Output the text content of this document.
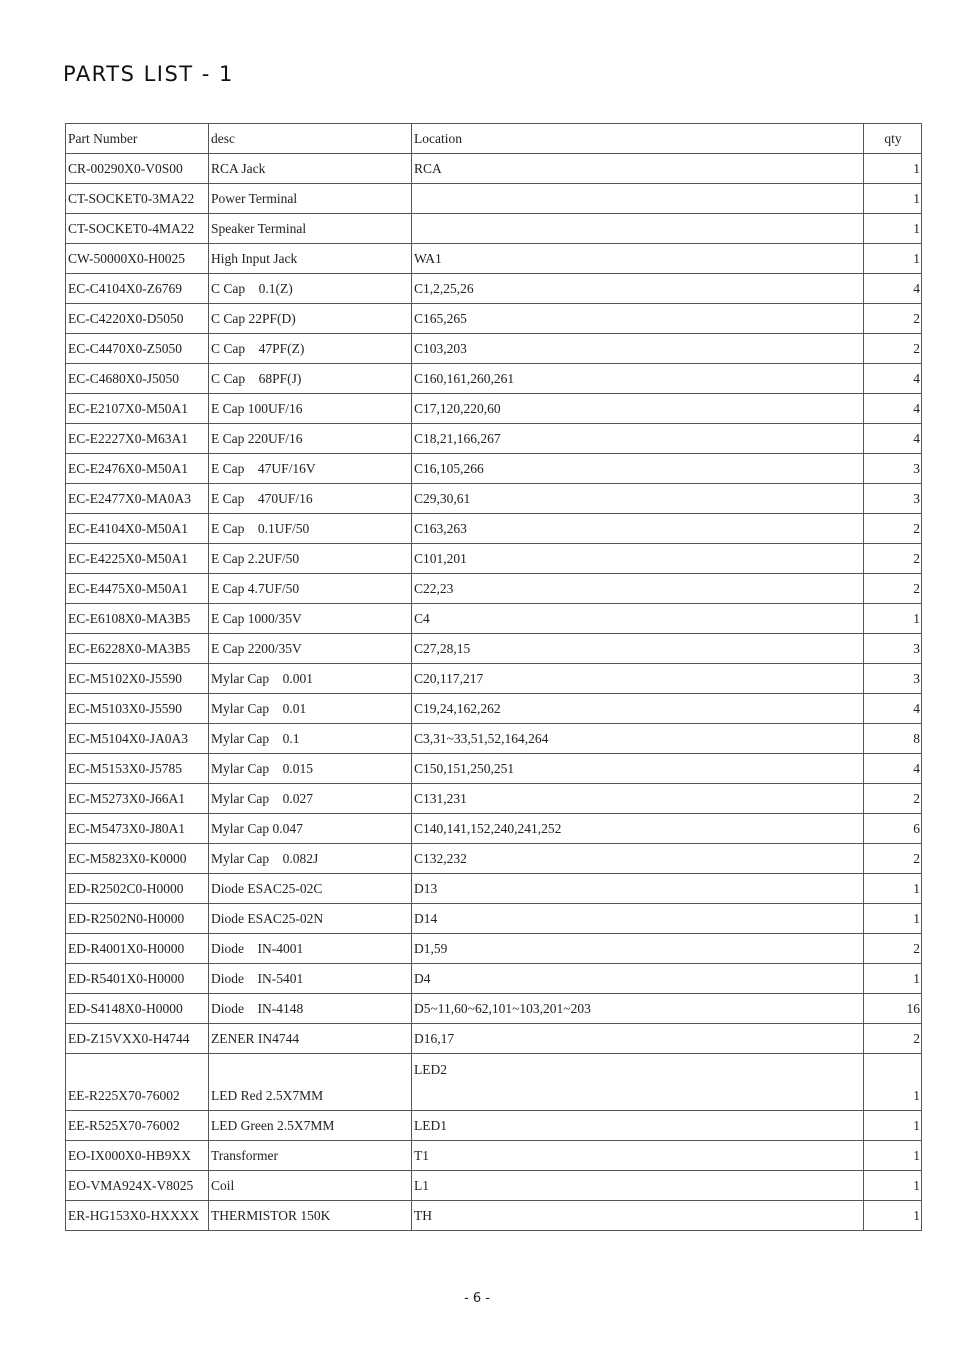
PARTS LIST - 1
Part Number	desc	Location	qty
CR-00290X0-V0S00	RCA Jack	RCA	1
CT-SOCKET0-3MA22	Power Terminal		1
CT-SOCKET0-4MA22	Speaker Terminal		1
CW-50000X0-H0025	High Input Jack	WA1	1
EC-C4104X0-Z6769	C Cap    0.1(Z)	C1,2,25,26	4
EC-C4220X0-D5050	C Cap 22PF(D)	C165,265	2
EC-C4470X0-Z5050	C Cap    47PF(Z)	C103,203	2
EC-C4680X0-J5050	C Cap    68PF(J)	C160,161,260,261	4
EC-E2107X0-M50A1	E Cap 100UF/16	C17,120,220,60	4
EC-E2227X0-M63A1	E Cap 220UF/16	C18,21,166,267	4
EC-E2476X0-M50A1	E Cap    47UF/16V	C16,105,266	3
EC-E2477X0-MA0A3	E Cap    470UF/16	C29,30,61	3
EC-E4104X0-M50A1	E Cap    0.1UF/50	C163,263	2
EC-E4225X0-M50A1	E Cap 2.2UF/50	C101,201	2
EC-E4475X0-M50A1	E Cap 4.7UF/50	C22,23	2
EC-E6108X0-MA3B5	E Cap 1000/35V	C4	1
EC-E6228X0-MA3B5	E Cap 2200/35V	C27,28,15	3
EC-M5102X0-J5590	Mylar Cap    0.001	C20,117,217	3
EC-M5103X0-J5590	Mylar Cap    0.01	C19,24,162,262	4
EC-M5104X0-JA0A3	Mylar Cap    0.1	C3,31~33,51,52,164,264	8
EC-M5153X0-J5785	Mylar Cap    0.015	C150,151,250,251	4
EC-M5273X0-J66A1	Mylar Cap    0.027	C131,231	2
EC-M5473X0-J80A1	Mylar Cap 0.047	C140,141,152,240,241,252	6
EC-M5823X0-K0000	Mylar Cap    0.082J	C132,232	2
ED-R2502C0-H0000	Diode ESAC25-02C	D13	1
ED-R2502N0-H0000	Diode ESAC25-02N	D14	1
ED-R4001X0-H0000	Diode    IN-4001	D1,59	2
ED-R5401X0-H0000	Diode    IN-5401	D4	1
ED-S4148X0-H0000	Diode    IN-4148	D5~11,60~62,101~103,201~203	16
ED-Z15VXX0-H4744	ZENER IN4744	D16,17	2
EE-R225X70-76002	LED Red 2.5X7MM	LED2	1
EE-R525X70-76002	LED Green 2.5X7MM	LED1	1
EO-IX000X0-HB9XX	Transformer	T1	1
EO-VMA924X-V8025	Coil	L1	1
ER-HG153X0-HXXXX	THERMISTOR 150K	TH	1
- 6 -
